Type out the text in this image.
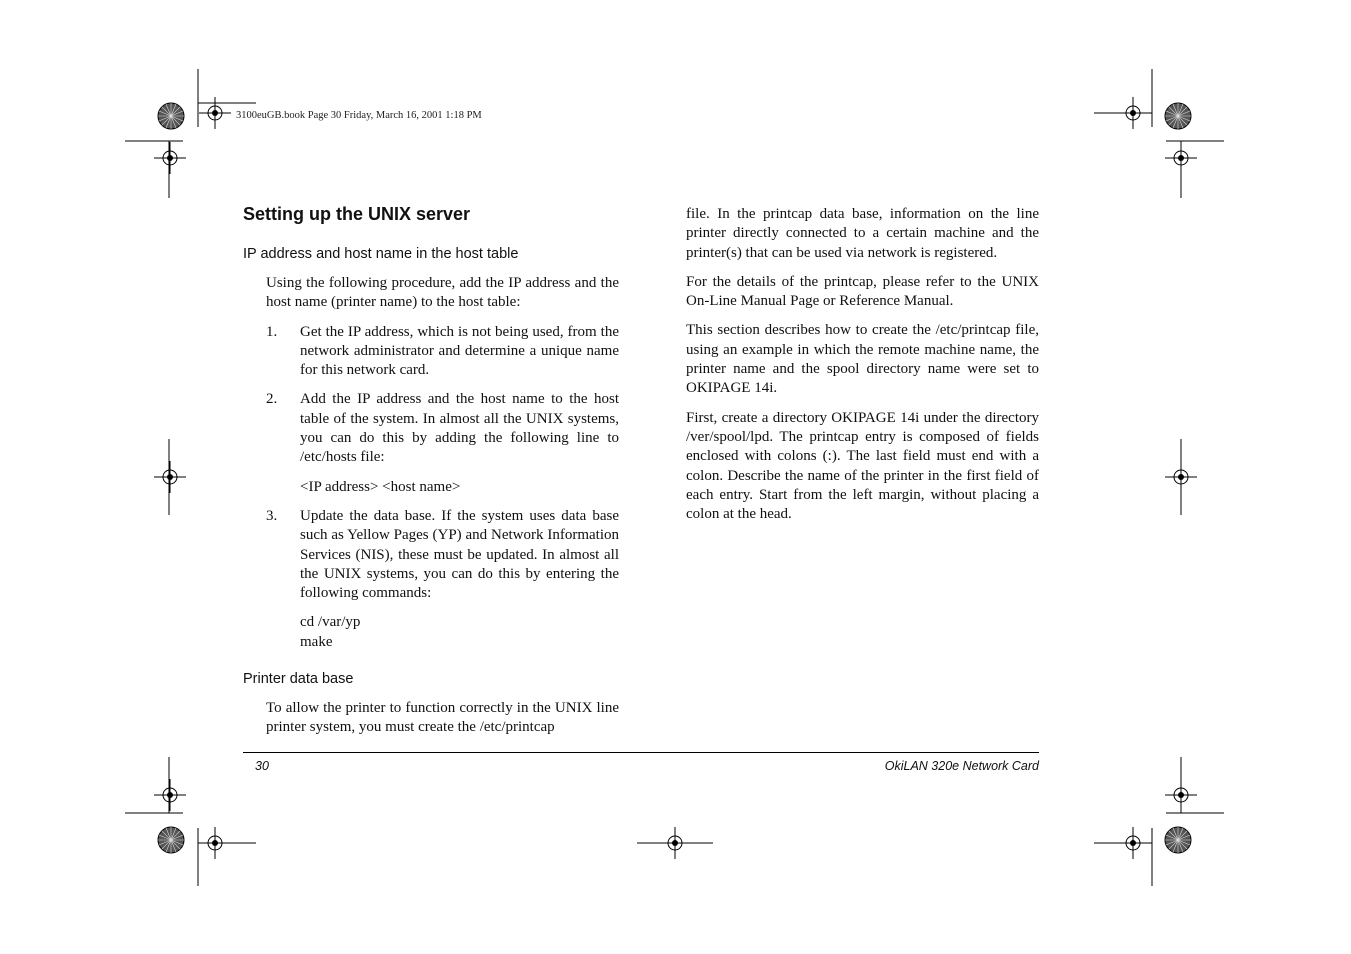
3100euGB.book Page 30 Friday, March 16, 2001 1:18 PM
Setting up the UNIX server
IP address and host name in the host table

Using the following procedure, add the IP address and the host name (printer name) to the host table:

1.	Get the IP address, which is not being used, from the network administrator and determine a unique name for this network card.

2.	Add the IP address and the host name to the host table of the system. In almost all the UNIX systems, you can do this by adding the following line to /etc/hosts file:

<IP address> <host name>
3.	Update the data base. If the system uses data base such as Yellow Pages (YP) and Network Information Services (NIS), these must be updated. In almost all the UNIX systems, you can do this by entering the following commands:

cd /var/yp
make
Printer data base

To allow the printer to function correctly in the UNIX line printer system, you must create the /etc/printcap

file. In the printcap data base, information on the line printer directly connected to a certain machine and the printer(s) that can be used via network is registered.

For the details of the printcap, please refer to the UNIX On-Line Manual Page or Reference Manual.

This section describes how to create the /etc/printcap file, using an example in which the remote machine name, the printer name and the spool directory name were set to OKIPAGE 14i.

First, create a directory OKIPAGE 14i under the directory /ver/spool/lpd. The printcap entry is composed of fields enclosed with colons (:). The last field must end with a colon. Describe the name of the printer in the first field of each entry. Start from the left margin, without placing a colon at the head.

30	OkiLAN 320e Network Card
